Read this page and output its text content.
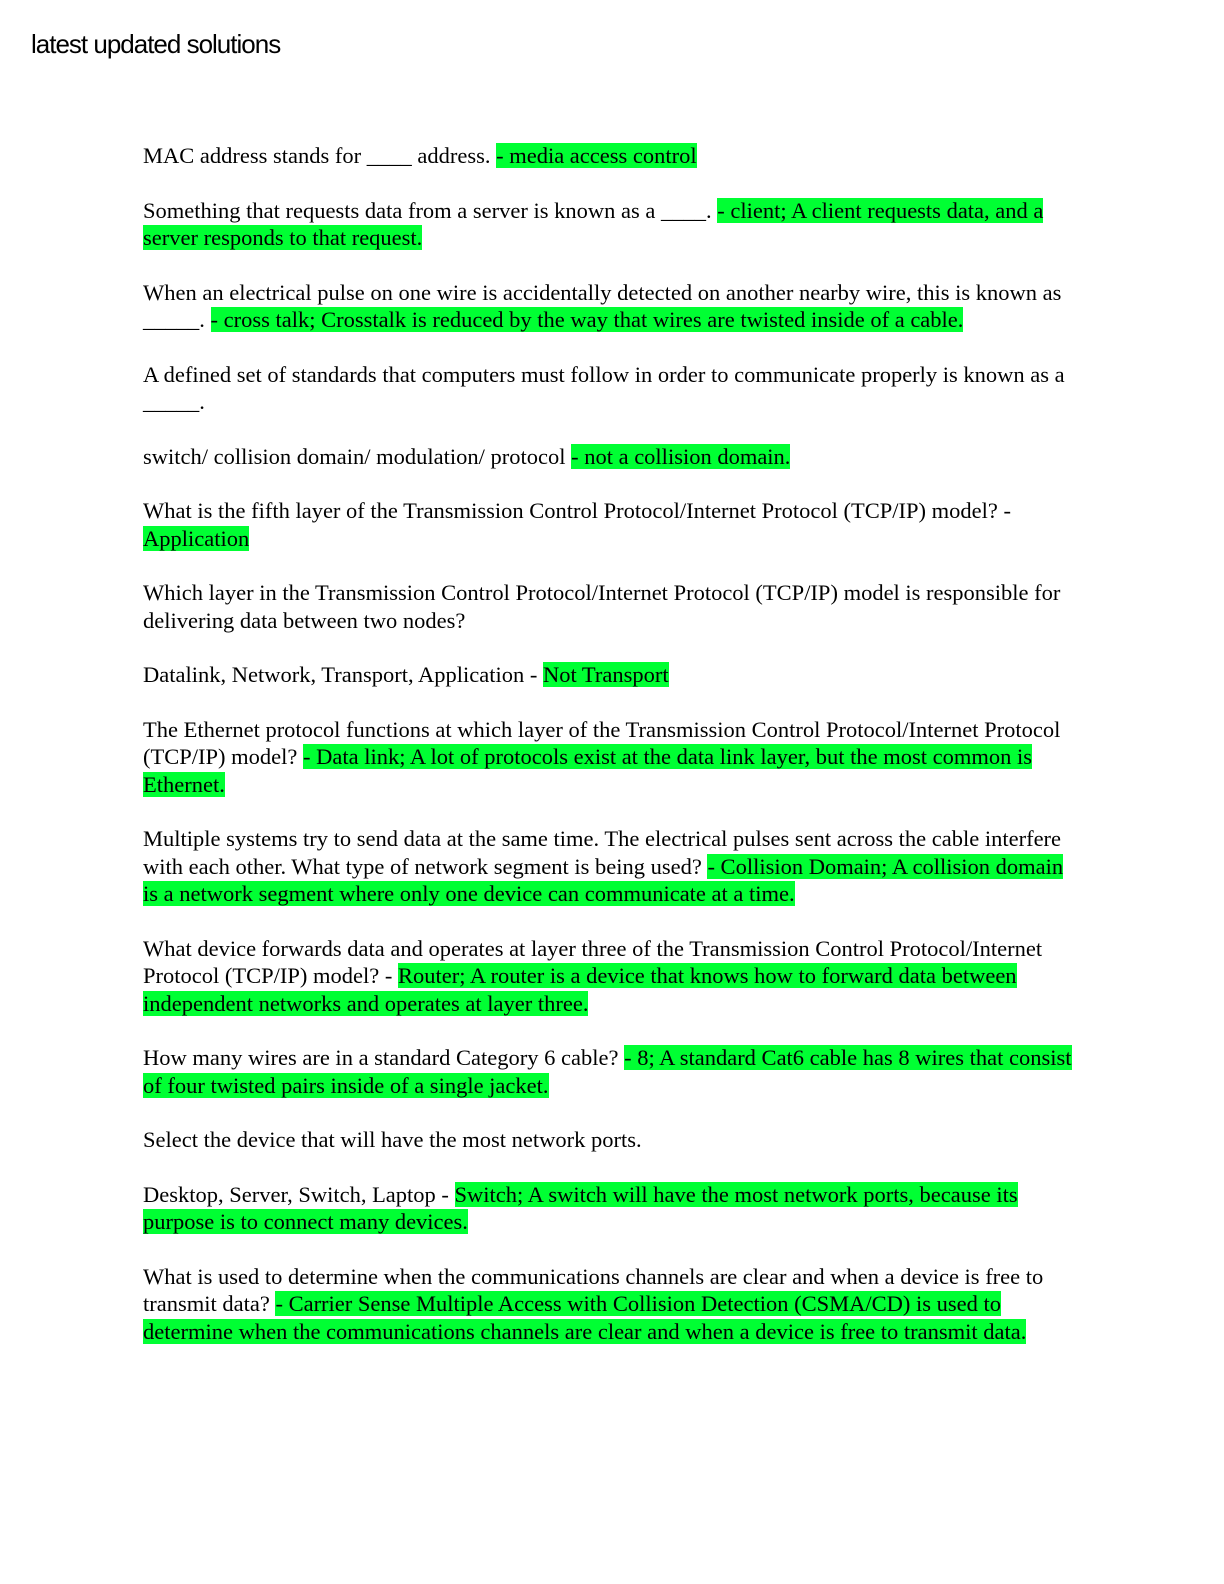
latest updated solutions

MAC address stands for ____ address. - media access control

Something that requests data from a server is known as a ____. - client; A client requests data, and a server responds to that request.

When an electrical pulse on one wire is accidentally detected on another nearby wire, this is known as _____. - cross talk; Crosstalk is reduced by the way that wires are twisted inside of a cable.

A defined set of standards that computers must follow in order to communicate properly is known as a _____.

switch/ collision domain/ modulation/ protocol - not a collision domain.

What is the fifth layer of the Transmission Control Protocol/Internet Protocol (TCP/IP) model? - Application

Which layer in the Transmission Control Protocol/Internet Protocol (TCP/IP) model is responsible for delivering data between two nodes?

Datalink, Network, Transport, Application - Not Transport

The Ethernet protocol functions at which layer of the Transmission Control Protocol/Internet Protocol (TCP/IP) model? - Data link; A lot of protocols exist at the data link layer, but the most common is Ethernet.

Multiple systems try to send data at the same time. The electrical pulses sent across the cable interfere with each other. What type of network segment is being used? - Collision Domain; A collision domain is a network segment where only one device can communicate at a time.

What device forwards data and operates at layer three of the Transmission Control Protocol/Internet Protocol (TCP/IP) model? - Router; A router is a device that knows how to forward data between independent networks and operates at layer three.

How many wires are in a standard Category 6 cable? - 8; A standard Cat6 cable has 8 wires that consist of four twisted pairs inside of a single jacket.

Select the device that will have the most network ports.

Desktop, Server, Switch, Laptop - Switch; A switch will have the most network ports, because its purpose is to connect many devices.

What is used to determine when the communications channels are clear and when a device is free to transmit data? - Carrier Sense Multiple Access with Collision Detection (CSMA/CD) is used to determine when the communications channels are clear and when a device is free to transmit data.
